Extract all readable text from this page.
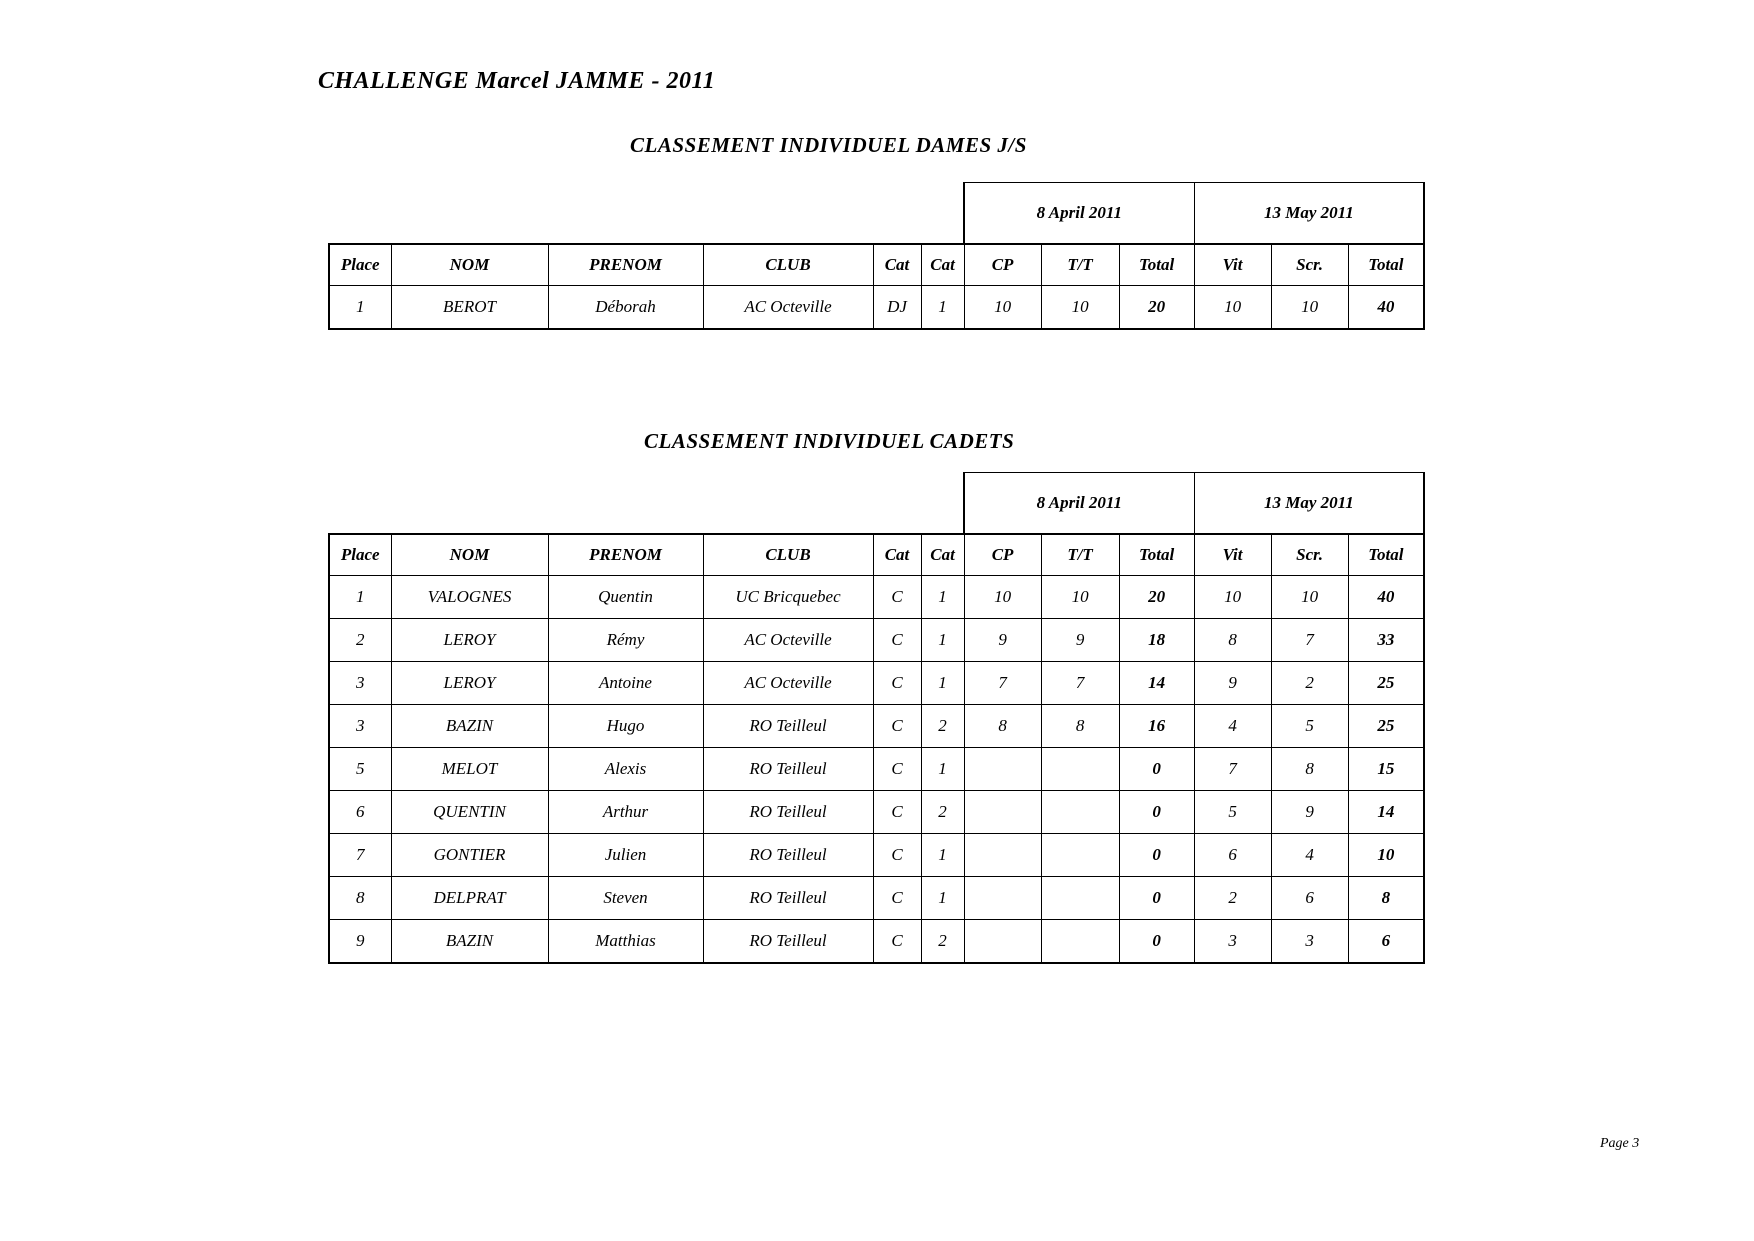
CHALLENGE Marcel JAMME - 2011
CLASSEMENT INDIVIDUEL DAMES J/S
						8 April 2011			13 May 2011		
Place	NOM	PRENOM	CLUB	Cat	Cat	CP	T/T	Total	Vit	Scr.	Total
1	BEROT	Déborah	AC Octeville	DJ	1	10	10	20	10	10	40
CLASSEMENT INDIVIDUEL CADETS
						8 April 2011			13 May 2011		
Place	NOM	PRENOM	CLUB	Cat	Cat	CP	T/T	Total	Vit	Scr.	Total
1	VALOGNES	Quentin	UC Bricquebec	C	1	10	10	20	10	10	40
2	LEROY	Rémy	AC Octeville	C	1	9	9	18	8	7	33
3	LEROY	Antoine	AC Octeville	C	1	7	7	14	9	2	25
3	BAZIN	Hugo	RO Teilleul	C	2	8	8	16	4	5	25
5	MELOT	Alexis	RO Teilleul	C	1			0	7	8	15
6	QUENTIN	Arthur	RO Teilleul	C	2			0	5	9	14
7	GONTIER	Julien	RO Teilleul	C	1			0	6	4	10
8	DELPRAT	Steven	RO Teilleul	C	1			0	2	6	8
9	BAZIN	Matthias	RO Teilleul	C	2			0	3	3	6
Page 3
